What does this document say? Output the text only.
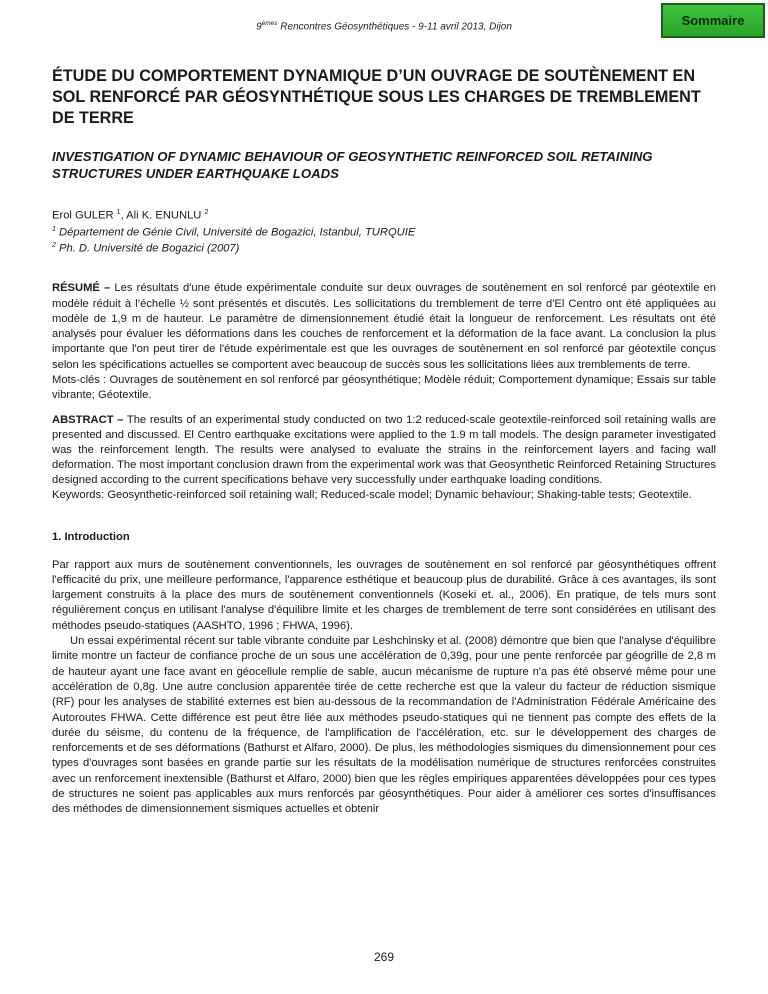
9èmes Rencontres Géosynthétiques - 9-11 avril 2013, Dijon	Sommaire
ÉTUDE DU COMPORTEMENT DYNAMIQUE D’UN OUVRAGE DE SOUTÈNEMENT EN SOL RENFORCÉ PAR GÉOSYNTHÉTIQUE SOUS LES CHARGES DE TREMBLEMENT DE TERRE
INVESTIGATION OF DYNAMIC BEHAVIOUR OF GEOSYNTHETIC REINFORCED SOIL RETAINING STRUCTURES UNDER EARTHQUAKE LOADS
Erol GULER $^1$, Ali K. ENUNLU $^2$
$^1$ Département de Génie Civil, Université de Bogazici, Istanbul, TURQUIE
$^2$ Ph. D. Université de Bogazici (2007)

RÉSUMÉ – Les résultats d'une étude expérimentale conduite sur deux ouvrages de soutènement en sol renforcé par géotextile en modèle réduit à l’échelle ½ sont présentés et discutés. Les sollicitations du tremblement de terre d'El Centro ont été appliquées au modèle de 1,9 m de hauteur. Le paramètre de dimensionnement étudié était la longueur de renforcement. Les résultats ont été analysés pour évaluer les déformations dans les couches de renforcement et la déformation de la face avant. La conclusion la plus importante que l'on peut tirer de l'étude expérimentale est que les ouvrages de soutènement en sol renforcé par géotextile conçus selon les spécifications actuelles se comportent avec beaucoup de succès sous les sollicitations liées aux tremblements de terre.

Mots-clés : Ouvrages de soutènement en sol renforcé par géosynthétique; Modèle réduit; Comportement dynamique; Essais sur table vibrante; Géotextile.

ABSTRACT – The results of an experimental study conducted on two 1:2 reduced-scale geotextile-reinforced soil retaining walls are presented and discussed. El Centro earthquake excitations were applied to the 1.9 m tall models. The design parameter investigated was the reinforcement length. The results were analysed to evaluate the strains in the reinforcement layers and facing wall deformation. The most important conclusion drawn from the experimental work was that Geosynthetic Reinforced Retaining Structures designed according to the current specifications behave very successfully under earthquake loading conditions.

Keywords: Geosynthetic-reinforced soil retaining wall; Reduced-scale model; Dynamic behaviour; Shaking-table tests; Geotextile.

1. Introduction

Par rapport aux murs de soutènement conventionnels, les ouvrages de soutènement en sol renforcé par géosynthétiques offrent l'efficacité du prix, une meilleure performance, l'apparence esthétique et beaucoup plus de durabilité. Grâce à ces avantages, ils sont largement construits à la place des murs de soutènement conventionnels (Koseki et. al., 2006). En pratique, de tels murs sont régulièrement conçus en utilisant l'analyse d'équilibre limite et les charges de tremblement de terre sont considérées en utilisant des méthodes pseudo-statiques (AASHTO, 1996 ; FHWA, 1996).

Un essai expérimental récent sur table vibrante conduite par Leshchinsky et al. (2008) démontre que bien que l'analyse d'équilibre limite montre un facteur de confiance proche de un sous une accélération de 0,39g, pour une pente renforcée par géogrille de 2,8 m de hauteur ayant une face avant en géocellule remplie de sable, aucun mécanisme de rupture n'a pas été observé même pour une accélération de 0,8g. Une autre conclusion apparentée tirée de cette recherche est que la valeur du facteur de réduction sismique (RF) pour les analyses de stabilité externes est bien au-dessous de la recommandation de l'Administration Fédérale Américaine des Autoroutes FHWA. Cette différence est peut être liée aux méthodes pseudo-statiques qui ne tiennent pas compte des effets de la durée du séisme, du contenu de la fréquence, de l'amplification de l'accélération, etc. sur le développement des charges de renforcements et de ses déformations (Bathurst et Alfaro, 2000). De plus, les méthodologies sismiques du dimensionnement pour ces types d'ouvrages sont basées en grande partie sur les résultats de la modélisation numérique de structures renforcées construites avec un renforcement inextensible (Bathurst et Alfaro, 2000) bien que les règles empiriques apparentées développées pour ces types de structures ne soient pas applicables aux murs renforcés par géosynthétiques. Pour aider à améliorer ces sortes d'insuffisances des méthodes de dimensionnement sismiques actuelles et obtenir

269
